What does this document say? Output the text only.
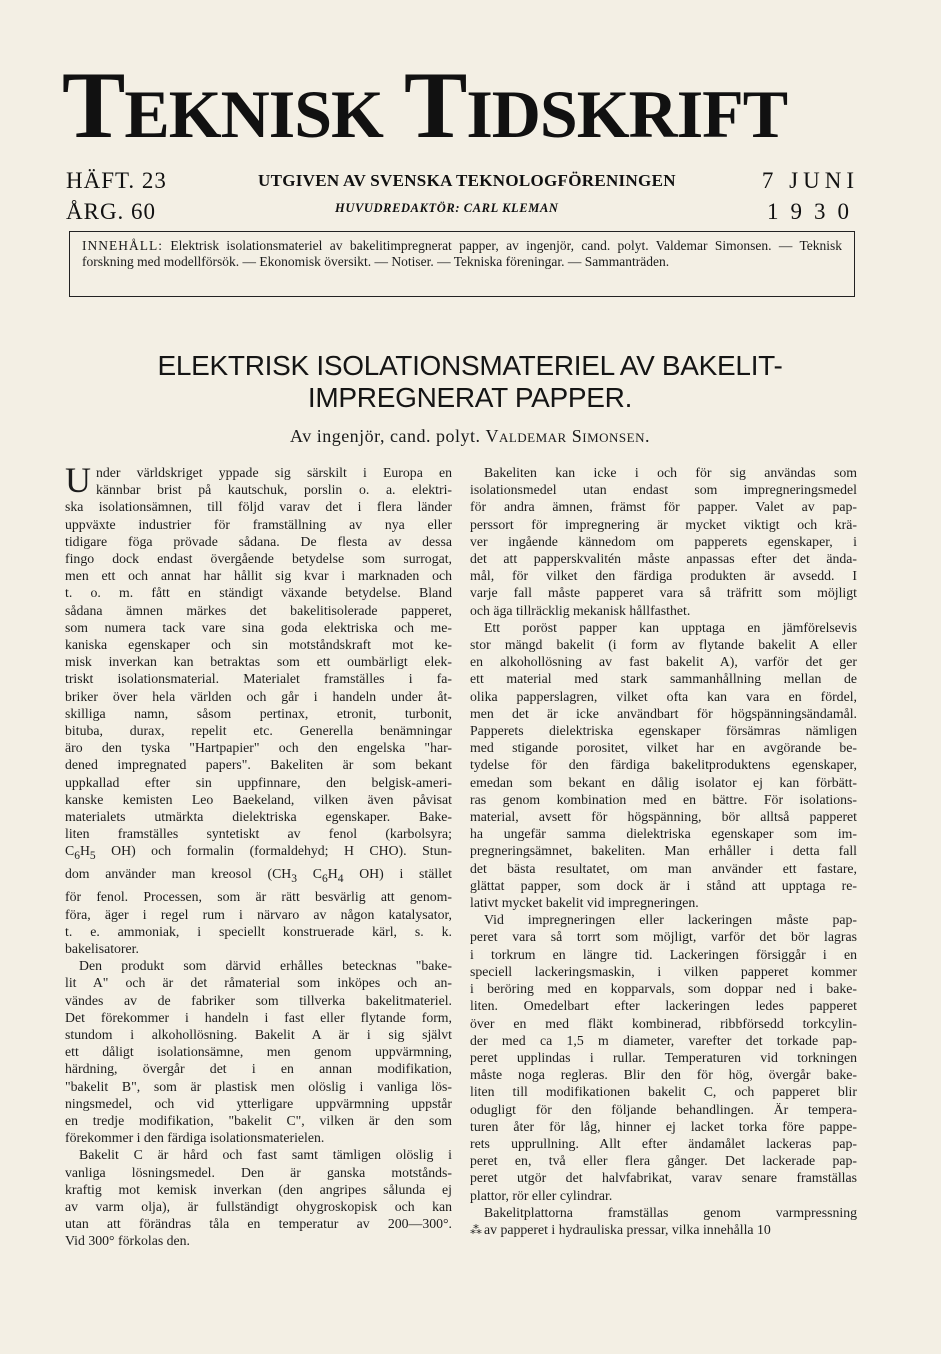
TEKNISK TIDSKRIFT
HÄFT. 23
ÅRG. 60
UTGIVEN AV SVENSKA TEKNOLOGFÖRENINGEN
HUVUDREDAKTÖR: CARL KLEMAN
7 JUNI
1930
INNEHÅLL: Elektrisk isolationsmateriel av bakelitimpregnerat papper, av ingenjör, cand. polyt. Valdemar Simonsen. — Teknisk forskning med modellförsök. — Ekonomisk översikt. — Notiser. — Tekniska föreningar. — Sammanträden.
ELEKTRISK ISOLATIONSMATERIEL AV BAKELIT-
IMPREGNERAT PAPPER.
Av ingenjör, cand. polyt. Valdemar Simonsen.

Under världskriget yppade sig särskilt i Europa en

kännbar brist på kautschuk, porslin o. a. elektri-

ska isolationsämnen, till följd varav det i flera länder

uppväxte industrier för framställning av nya eller

tidigare föga prövade sådana. De flesta av dessa

fingo dock endast övergående betydelse som surrogat,

men ett och annat har hållit sig kvar i marknaden och

t. o. m. fått en ständigt växande betydelse. Bland

sådana ämnen märkes det bakelitisolerade papperet,

som numera tack vare sina goda elektriska och me-

kaniska egenskaper och sin motståndskraft mot ke-

misk inverkan kan betraktas som ett oumbärligt elek-

triskt isolationsmaterial. Materialet framställes i fa-

briker över hela världen och går i handeln under åt-

skilliga namn, såsom pertinax, etronit, turbonit,

bituba, durax, repelit etc. Generella benämningar

äro den tyska "Hartpapier" och den engelska "har-

dened impregnated papers". Bakeliten är som bekant

uppkallad efter sin uppfinnare, den belgisk-ameri-

kanske kemisten Leo Baekeland, vilken även påvisat

materialets utmärkta dielektriska egenskaper. Bake-

liten framställes syntetiskt av fenol (karbolsyra;

$C_6H_5$ OH) och formalin (formaldehyd; H CHO). Stun-

dom använder man kreosol ($CH_3$ $C_6H_4$ OH) i stället

för fenol. Processen, som är rätt besvärlig att genom-

föra, äger i regel rum i närvaro av någon katalysator,

t. e. ammoniak, i speciellt konstruerade kärl, s. k.

bakelisatorer.

Den produkt som därvid erhålles betecknas "bake-

lit A" och är det råmaterial som inköpes och an-

vändes av de fabriker som tillverka bakelitmateriel.

Det förekommer i handeln i fast eller flytande form,

stundom i alkohollösning. Bakelit A är i sig självt

ett dåligt isolationsämne, men genom uppvärmning,

härdning, övergår det i en annan modifikation,

"bakelit B", som är plastisk men olöslig i vanliga lös-

ningsmedel, och vid ytterligare uppvärmning uppstår

en tredje modifikation, "bakelit C", vilken är den som

förekommer i den färdiga isolationsmaterielen.

Bakelit C är hård och fast samt tämligen olöslig i

vanliga lösningsmedel. Den är ganska motstånds-

kraftig mot kemisk inverkan (den angripes sålunda ej

av varm olja), är fullständigt ohygroskopisk och kan

utan att förändras tåla en temperatur av 200—300°.

Vid 300° förkolas den.

Bakeliten kan icke i och för sig användas som

isolationsmedel utan endast som impregneringsmedel

för andra ämnen, främst för papper. Valet av pap-

perssort för impregnering är mycket viktigt och krä-

ver ingående kännedom om papperets egenskaper, i

det att papperskvalitén måste anpassas efter det ända-

mål, för vilket den färdiga produkten är avsedd. I

varje fall måste papperet vara så träfritt som möjligt

och äga tillräcklig mekanisk hållfasthet.

Ett poröst papper kan upptaga en jämförelsevis

stor mängd bakelit (i form av flytande bakelit A eller

en alkohollösning av fast bakelit A), varför det ger

ett material med stark sammanhållning mellan de

olika papperslagren, vilket ofta kan vara en fördel,

men det är icke användbart för högspänningsändamål.

Papperets dielektriska egenskaper försämras nämligen

med stigande porositet, vilket har en avgörande be-

tydelse för den färdiga bakelitproduktens egenskaper,

emedan som bekant en dålig isolator ej kan förbätt-

ras genom kombination med en bättre. För isolations-

material, avsett för högspänning, bör alltså papperet

ha ungefär samma dielektriska egenskaper som im-

pregneringsämnet, bakeliten. Man erhåller i detta fall

det bästa resultatet, om man använder ett fastare,

glättat papper, som dock är i stånd att upptaga re-

lativt mycket bakelit vid impregneringen.

Vid impregneringen eller lackeringen måste pap-

peret vara så torrt som möjligt, varför det bör lagras

i torkrum en längre tid. Lackeringen försiggår i en

speciell lackeringsmaskin, i vilken papperet kommer

i beröring med en kopparvals, som doppar ned i bake-

liten. Omedelbart efter lackeringen ledes papperet

över en med fläkt kombinerad, ribbförsedd torkcylin-

der med ca 1,5 m diameter, varefter det torkade pap-

peret upplindas i rullar. Temperaturen vid torkningen

måste noga regleras. Blir den för hög, övergår bake-

liten till modifikationen bakelit C, och papperet blir

odugligt för den följande behandlingen. Är tempera-

turen åter för låg, hinner ej lacket torka före pappe-

rets upprullning. Allt efter ändamålet lackeras pap-

peret en, två eller flera gånger. Det lackerade pap-

peret utgör det halvfabrikat, varav senare framställas

plattor, rör eller cylindrar.

Bakelitplattorna framställas genom varmpressning

⁂ av papperet i hydrauliska pressar, vilka innehålla 10
